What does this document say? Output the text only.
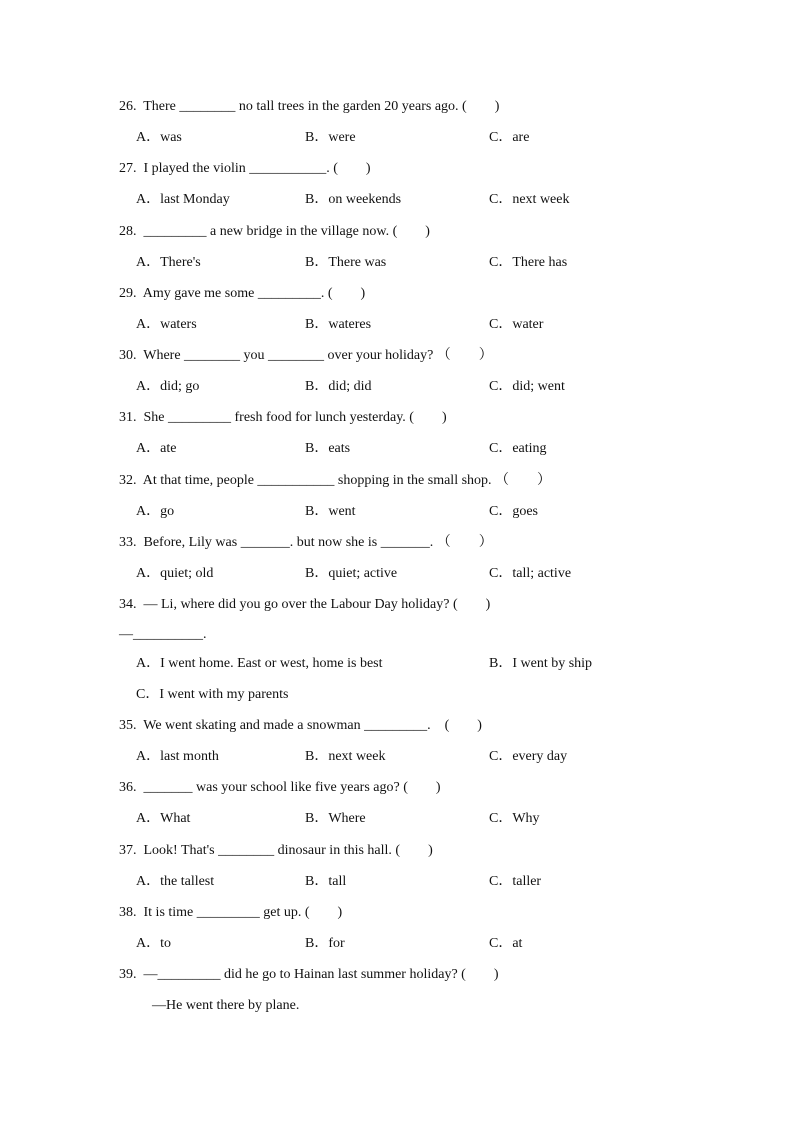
26. There ________ no tall trees in the garden 20 years ago. (　　)
A．was	B．were	C．are
27. I played the violin ___________. (　　)
A．last Monday	B．on weekends	C．next week
28. _________ a new bridge in the village now. (　　)
A．There's	B．There was	C．There has
29. Amy gave me some _________. (　　)
A．waters	B．wateres	C．water
30. Where ________ you ________ over your holiday? （　　）
A．did; go	B．did; did	C．did; went
31. She _________ fresh food for lunch yesterday. (　　)
A．ate	B．eats	C．eating
32. At that time, people ___________ shopping in the small shop. （　　）
A．go	B．went	C．goes
33. Before, Lily was _______. but now she is _______. （　　）
A．quiet; old	B．quiet; active	C．tall; active
34. — Li, where did you go over the Labour Day holiday? (　　)
—__________.
A．I went home. East or west, home is best	B．I went by ship
C．I went with my parents
35. We went skating and made a snowman _________.　(　　)
A．last month	B．next week	C．every day
36. _______ was your school like five years ago? (　　)
A．What	B．Where	C．Why
37. Look! That's ________ dinosaur in this hall. (　　)
A．the tallest	B．tall	C．taller
38. It is time _________ get up. (　　)
A．to	B．for	C．at
39. —_________ did he go to Hainan last summer holiday? (　　)
—He went there by plane.
